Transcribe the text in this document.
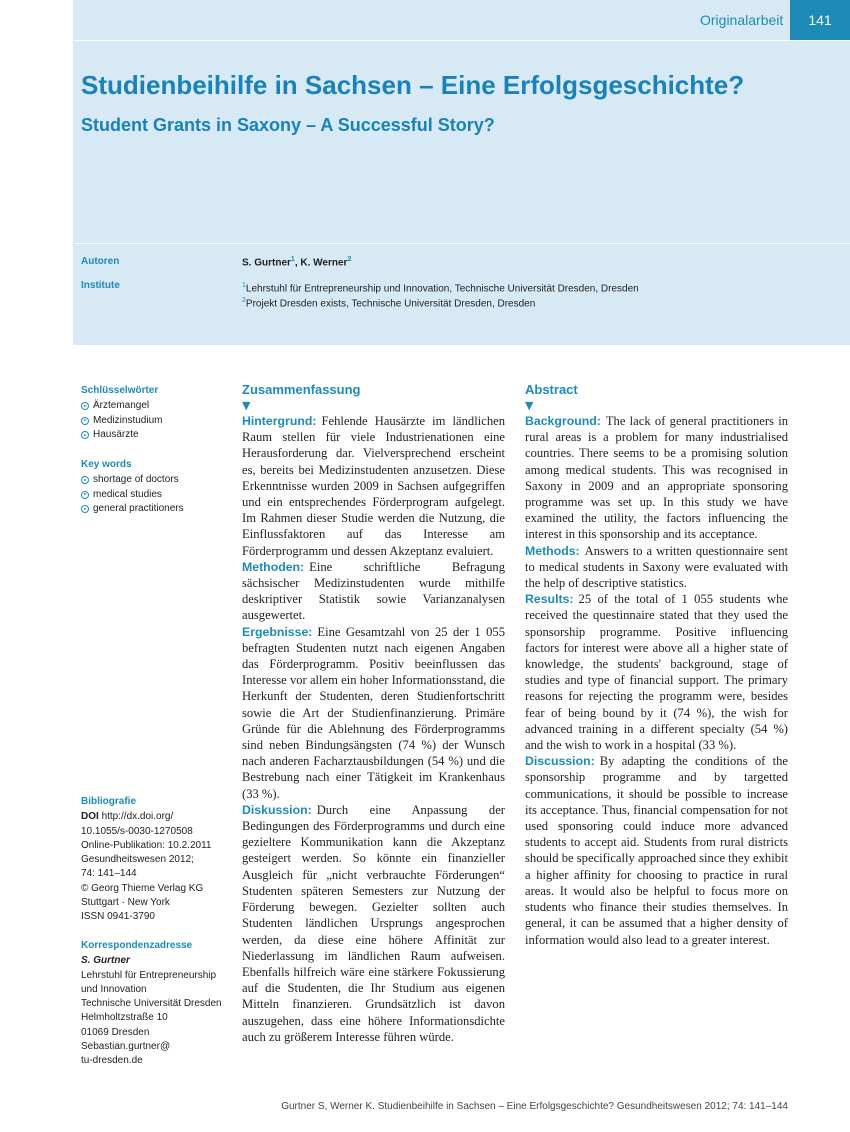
Originalarbeit	141
Studienbeihilfe in Sachsen – Eine Erfolgsgeschichte?
Student Grants in Saxony – A Successful Story?
Autoren	S. Gurtner$^1$, K. Werner$^2$
Institute	$^1$Lehrstuhl für Entrepreneurship und Innovation, Technische Universität Dresden, Dresden
$^2$Projekt Dresden exists, Technische Universität Dresden, Dresden
Schlüsselwörter
Ärztemangel
Medizinstudium
Hausärzte
Key words
shortage of doctors
medical studies
general practitioners
Bibliografie
DOI http://dx.doi.org/
10.1055/s-0030-1270508
Online-Publikation: 10.2.2011
Gesundheitswesen 2012;
74: 141–144
© Georg Thieme Verlag KG
Stuttgart · New York
ISSN 0941-3790
Korrespondenzadresse
S. Gurtner
Lehrstuhl für Entrepreneurship
und Innovation
Technische Universität Dresden
Helmholtzstraße 10
01069 Dresden
Sebastian.gurtner@
tu-dresden.de
Zusammenfassung
▼
Hintergrund: Fehlende Hausärzte im ländlichen Raum stellen für viele Industrienationen eine Herausforderung dar. Vielversprechend erscheint es, bereits bei Medizinstudenten anzusetzen. Diese Erkenntnisse wurden 2009 in Sachsen aufgegriffen und ein entsprechendes Förderprogram aufgelegt. Im Rahmen dieser Studie werden die Nutzung, die Einflussfaktoren auf das Interesse am Förderprogramm und dessen Akzeptanz evaluiert.
Methoden: Eine schriftliche Befragung sächsischer Medizinstudenten wurde mithilfe deskriptiver Statistik sowie Varianzanalysen ausgewertet.
Ergebnisse: Eine Gesamtzahl von 25 der 1 055 befragten Studenten nutzt nach eigenen Angaben das Förderprogramm. Positiv beeinflussen das Interesse vor allem ein hoher Informationsstand, die Herkunft der Studenten, deren Studienfortschritt sowie die Art der Studienfinanzierung. Primäre Gründe für die Ablehnung des Förderprogramms sind neben Bindungsängsten (74 %) der Wunsch nach anderen Facharztausbildungen (54 %) und die Bestrebung nach einer Tätigkeit im Krankenhaus (33 %).
Diskussion: Durch eine Anpassung der Bedingungen des Förderprogramms und durch eine gezieltere Kommunikation kann die Akzeptanz gesteigert werden. So könnte ein finanzieller Ausgleich für „nicht verbrauchte Förderungen“ Studenten späteren Semesters zur Nutzung der Förderung bewegen. Gezielter sollten auch Studenten ländlichen Ursprungs angesprochen werden, da diese eine höhere Affinität zur Niederlassung im ländlichen Raum aufweisen. Ebenfalls hilfreich wäre eine stärkere Fokussierung auf die Studenten, die Ihr Studium aus eigenen Mitteln finanzieren. Grundsätzlich ist davon auszugehen, dass eine höhere Informationsdichte auch zu größerem Interesse führen würde.
Abstract
▼
Background: The lack of general practitioners in rural areas is a problem for many industrialised countries. There seems to be a promising solution among medical students. This was recognised in Saxony in 2009 and an appropriate sponsoring programme was set up. In this study we have examined the utility, the factors influencing the interest in this sponsorship and its acceptance.
Methods: Answers to a written questionnaire sent to medical students in Saxony were evaluated with the help of descriptive statistics.
Results: 25 of the total of 1 055 students whe received the questinnaire stated that they used the sponsorship programme. Positive influencing factors for interest were above all a higher state of knowledge, the students' background, stage of studies and type of financial support. The primary reasons for rejecting the programm were, besides fear of being bound by it (74 %), the wish for advanced training in a different specialty (54 %) and the wish to work in a hospital (33 %).
Discussion: By adapting the conditions of the sponsorship programme and by targetted communications, it should be possible to increase its acceptance. Thus, financial compensation for not used sponsoring could induce more advanced students to accept aid. Students from rural districts should be specifically approached since they exhibit a higher affinity for choosing to practice in rural areas. It would also be helpful to focus more on students who finance their studies themselves. In general, it can be assumed that a higher density of information would also lead to a greater interest.
Gurtner S, Werner K. Studienbeihilfe in Sachsen – Eine Erfolgsgeschichte? Gesundheitswesen 2012; 74: 141–144
